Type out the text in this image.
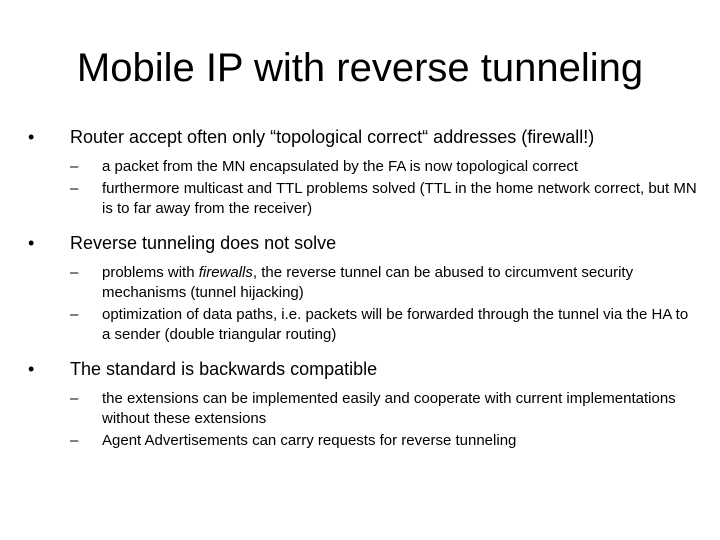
Mobile IP with reverse tunneling
•	Router accept often only “topological correct“ addresses (firewall!)
–	a packet from the MN encapsulated by the FA is now topological correct
–	furthermore multicast and TTL problems solved (TTL in the home network correct, but MN is to far away from the receiver)
•	Reverse tunneling does not solve
–	problems with firewalls, the reverse tunnel can be abused to circumvent security mechanisms (tunnel hijacking)
–	optimization of data paths, i.e. packets will be forwarded through the tunnel via the HA to a sender (double triangular routing)
•	The standard is backwards compatible
–	the extensions can be implemented easily and cooperate with current implementations without these extensions
–	Agent Advertisements can carry requests for reverse tunneling
